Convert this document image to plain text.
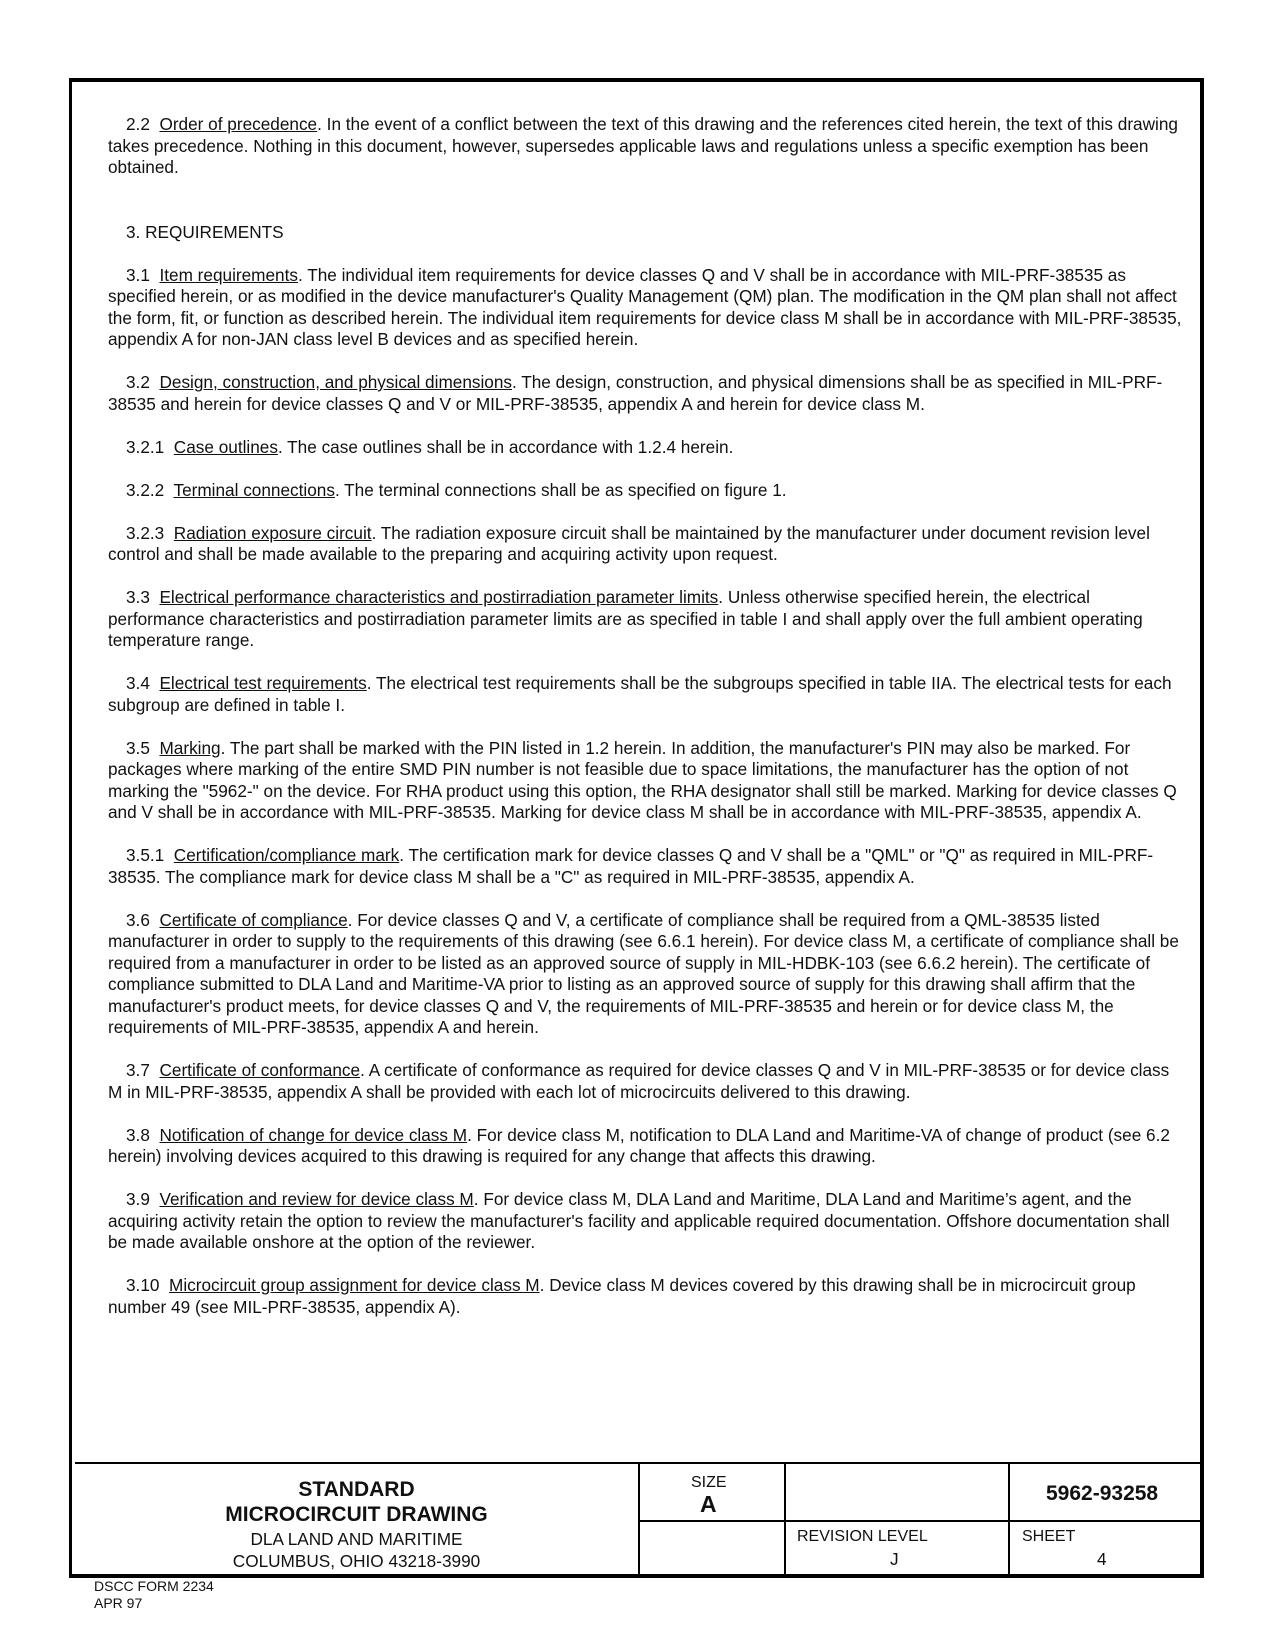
2.2 Order of precedence. In the event of a conflict between the text of this drawing and the references cited herein, the text of this drawing takes precedence. Nothing in this document, however, supersedes applicable laws and regulations unless a specific exemption has been obtained.

3. REQUIREMENTS

3.1 Item requirements. The individual item requirements for device classes Q and V shall be in accordance with MIL-PRF-38535 as specified herein, or as modified in the device manufacturer's Quality Management (QM) plan. The modification in the QM plan shall not affect the form, fit, or function as described herein. The individual item requirements for device class M shall be in accordance with MIL-PRF-38535, appendix A for non-JAN class level B devices and as specified herein.

3.2 Design, construction, and physical dimensions. The design, construction, and physical dimensions shall be as specified in MIL-PRF-38535 and herein for device classes Q and V or MIL-PRF-38535, appendix A and herein for device class M.

3.2.1 Case outlines. The case outlines shall be in accordance with 1.2.4 herein.

3.2.2 Terminal connections. The terminal connections shall be as specified on figure 1.

3.2.3 Radiation exposure circuit. The radiation exposure circuit shall be maintained by the manufacturer under document revision level control and shall be made available to the preparing and acquiring activity upon request.

3.3 Electrical performance characteristics and postirradiation parameter limits. Unless otherwise specified herein, the electrical performance characteristics and postirradiation parameter limits are as specified in table I and shall apply over the full ambient operating temperature range.

3.4 Electrical test requirements. The electrical test requirements shall be the subgroups specified in table IIA. The electrical tests for each subgroup are defined in table I.

3.5 Marking. The part shall be marked with the PIN listed in 1.2 herein. In addition, the manufacturer's PIN may also be marked. For packages where marking of the entire SMD PIN number is not feasible due to space limitations, the manufacturer has the option of not marking the "5962-" on the device. For RHA product using this option, the RHA designator shall still be marked. Marking for device classes Q and V shall be in accordance with MIL-PRF-38535. Marking for device class M shall be in accordance with MIL-PRF-38535, appendix A.

3.5.1 Certification/compliance mark. The certification mark for device classes Q and V shall be a "QML" or "Q" as required in MIL-PRF-38535. The compliance mark for device class M shall be a "C" as required in MIL-PRF-38535, appendix A.

3.6 Certificate of compliance. For device classes Q and V, a certificate of compliance shall be required from a QML-38535 listed manufacturer in order to supply to the requirements of this drawing (see 6.6.1 herein). For device class M, a certificate of compliance shall be required from a manufacturer in order to be listed as an approved source of supply in MIL-HDBK-103 (see 6.6.2 herein). The certificate of compliance submitted to DLA Land and Maritime-VA prior to listing as an approved source of supply for this drawing shall affirm that the manufacturer's product meets, for device classes Q and V, the requirements of MIL-PRF-38535 and herein or for device class M, the requirements of MIL-PRF-38535, appendix A and herein.

3.7 Certificate of conformance. A certificate of conformance as required for device classes Q and V in MIL-PRF-38535 or for device class M in MIL-PRF-38535, appendix A shall be provided with each lot of microcircuits delivered to this drawing.

3.8 Notification of change for device class M. For device class M, notification to DLA Land and Maritime-VA of change of product (see 6.2 herein) involving devices acquired to this drawing is required for any change that affects this drawing.

3.9 Verification and review for device class M. For device class M, DLA Land and Maritime, DLA Land and Maritime’s agent, and the acquiring activity retain the option to review the manufacturer's facility and applicable required documentation. Offshore documentation shall be made available onshore at the option of the reviewer.

3.10 Microcircuit group assignment for device class M. Device class M devices covered by this drawing shall be in microcircuit group number 49 (see MIL-PRF-38535, appendix A).

STANDARD
MICROCIRCUIT DRAWING
DLA LAND AND MARITIME
COLUMBUS, OHIO 43218-3990
SIZE
A	5962-93258
REVISION LEVEL
J
SHEET
4
DSCC FORM 2234
APR 97
